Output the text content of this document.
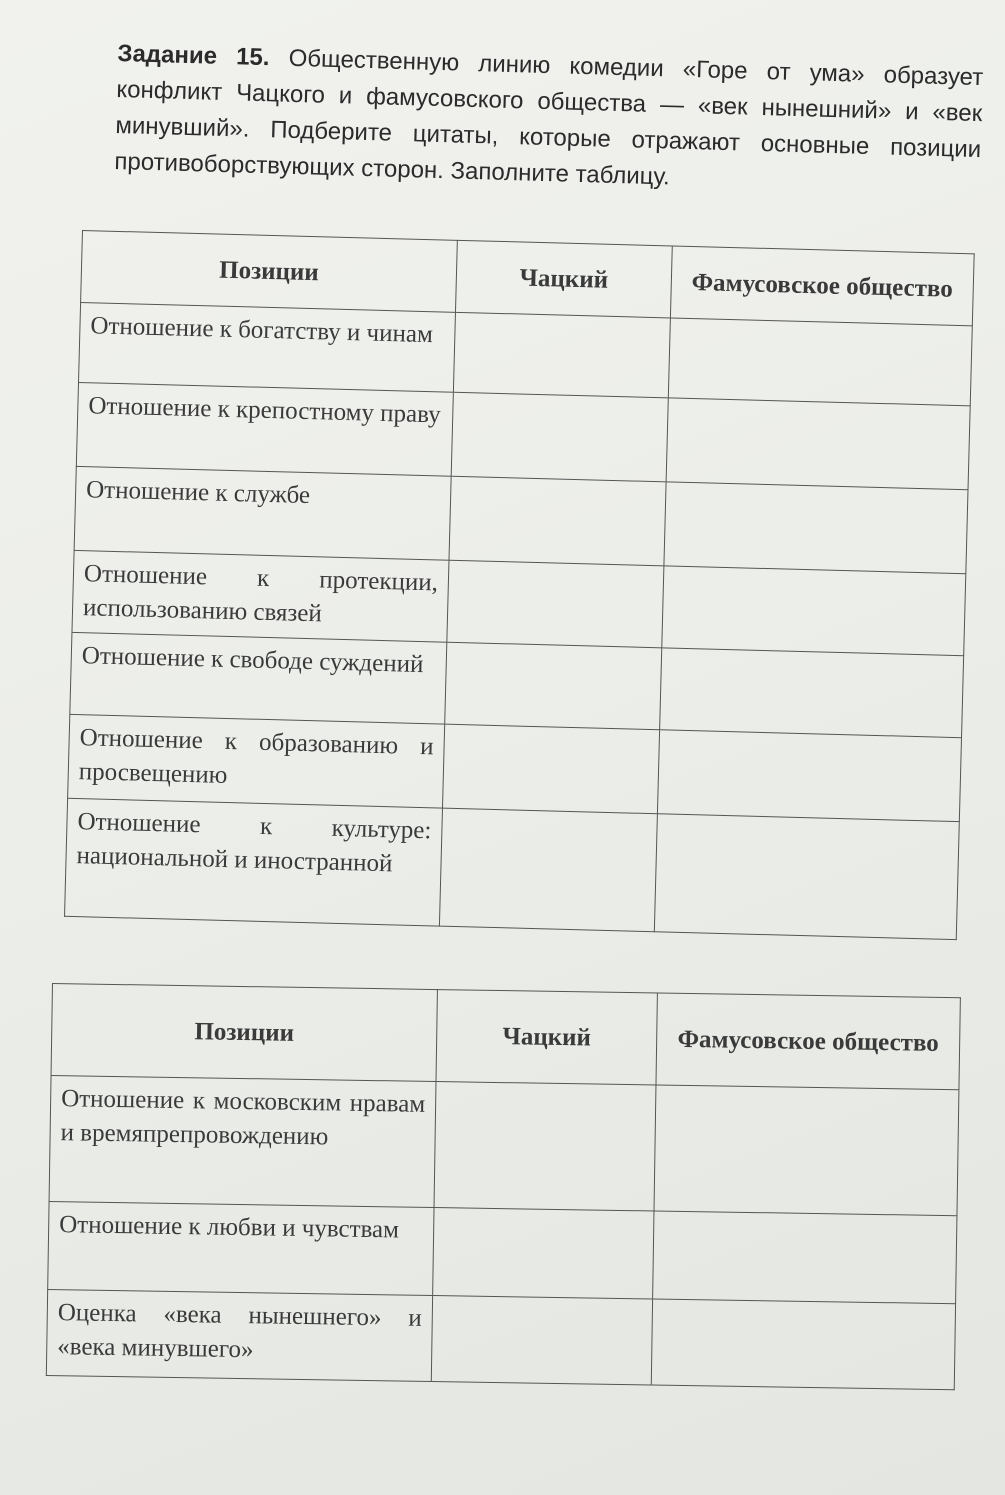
Задание 15. Общественную линию комедии «Горе от ума» образует конфликт Чацкого и фамусовского общества — «век нынешний» и «век минувший». Подберите цитаты, которые отражают основные позиции противоборствующих сторон. Заполните таблицу.
Позиции	Чацкий	Фамусовское общество
Отношение к богатству и чинам		
Отношение к крепостному праву		
Отношение к службе		
Отношение к протекции, использованию связей		
Отношение к свободе суждений		
Отношение к образованию и просвещению		
Отношение к культуре: национальной и иностранной		
Позиции	Чацкий	Фамусовское общество
Отношение к московским нравам и времяпрепровождению		
Отношение к любви и чувствам		
Оценка «века нынешнего» и «века минувшего»		
